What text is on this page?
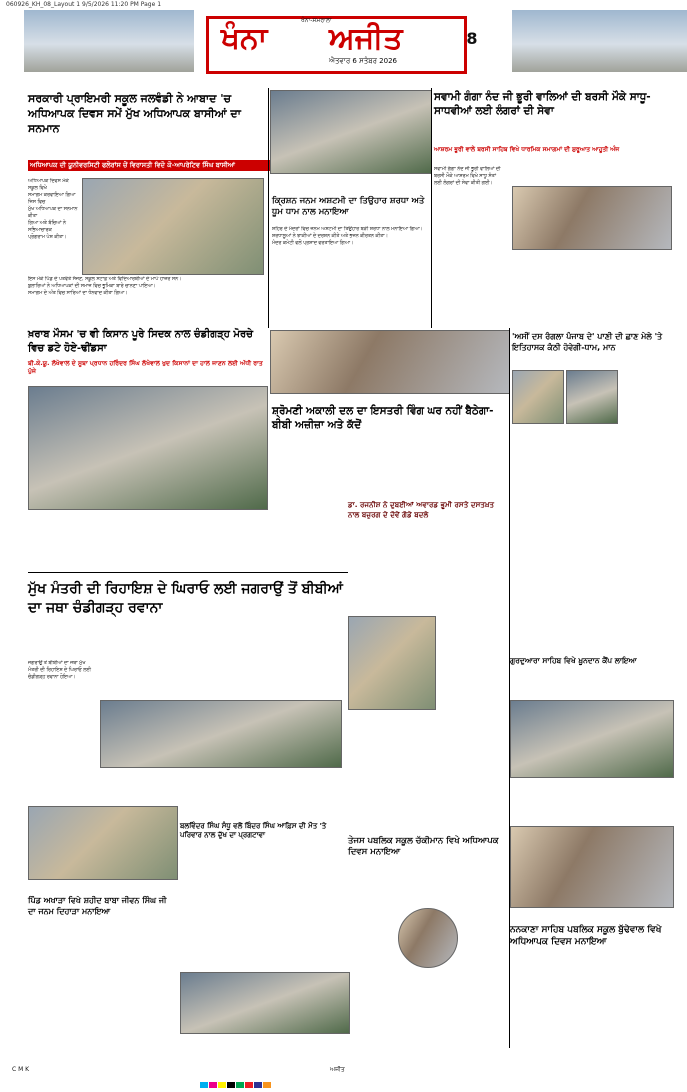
060926_KH_08_Layout 1 9/5/2026 11:20 PM Page 1
ਖੰਨਾ-ਸਮਰਾਲਾ
ਖੰਨਾ ਅਜੀਤ
ਐਤਵਾਰ 6 ਸਤੰਬਰ 2026
8
ਸਰਕਾਰੀ ਪ੍ਰਾਇਮਰੀ ਸਕੂਲ ਜਲਵੰਡੀ ਨੇ ਆਬਾਦ 'ਚ ਅਧਿਆਪਕ ਦਿਵਸ ਸਮੇਂ ਮੁੱਖ ਅਧਿਆਪਕ ਬਾਸੀਆਂ ਦਾ ਸਨਮਾਨ
ਅਧਿਆਪਕ ਦੀ ਯੂਨੀਵਰਸਿਟੀ ਫਲੋਰਾਂਸ ਚੋਂ ਵਿਰਾਸਤੀ ਵਿਦੋ ਕੋ-ਆਪਰੇਟਿਵ ਸਿੰਘ ਬਾਸੀਆਂ
ਅਧਿਆਪਕ ਦਿਵਸ ਮੌਕੇ ਸਕੂਲ ਵਿਖੇ
ਸਮਾਗਮ ਕਰਵਾਇਆ ਗਿਆ ਜਿਸ ਵਿਚ
ਮੁੱਖ ਅਧਿਆਪਕ ਦਾ ਸਨਮਾਨ ਕੀਤਾ
ਗਿਆ ਅਤੇ ਬੱਚਿਆਂ ਨੇ ਸਭਿਆਚਾਰਕ
ਪ੍ਰੋਗਰਾਮ ਪੇਸ਼ ਕੀਤਾ।
ਇਸ ਮੌਕੇ ਪਿੰਡ ਦੇ ਪਤਵੰਤੇ ਸੱਜਣ, ਸਕੂਲ ਸਟਾਫ਼ ਅਤੇ ਵਿਦਿਆਰਥੀਆਂ ਦੇ ਮਾਪੇ ਹਾਜ਼ਰ ਸਨ।
ਬੁਲਾਰਿਆਂ ਨੇ ਅਧਿਆਪਕਾਂ ਦੀ ਸਮਾਜ ਵਿਚ ਭੂਮਿਕਾ ਬਾਰੇ ਚਾਨਣਾ ਪਾਇਆ।
ਸਮਾਗਮ ਦੇ ਅੰਤ ਵਿਚ ਸਾਰਿਆਂ ਦਾ ਧੰਨਵਾਦ ਕੀਤਾ ਗਿਆ।
ਕ੍ਰਿਸ਼ਨ ਜਨਮ ਅਸ਼ਟਮੀ ਦਾ ਤਿਉਹਾਰ ਸ਼ਰਧਾ ਅਤੇ ਧੂਮ ਧਾਮ ਨਾਲ ਮਨਾਇਆ
ਸ਼ਹਿਰ ਦੇ ਮੰਦਰਾਂ ਵਿਚ ਜਨਮ ਅਸ਼ਟਮੀ ਦਾ ਤਿਉਹਾਰ ਬੜੀ ਸ਼ਰਧਾ ਨਾਲ ਮਨਾਇਆ ਗਿਆ।
ਸ਼ਰਧਾਲੂਆਂ ਨੇ ਝਾਕੀਆਂ ਦੇ ਦਰਸ਼ਨ ਕੀਤੇ ਅਤੇ ਭਜਨ ਕੀਰਤਨ ਕੀਤਾ।
ਮੰਦਰ ਕਮੇਟੀ ਵਲੋਂ ਪ੍ਰਸ਼ਾਦ ਵਰਤਾਇਆ ਗਿਆ।
ਸਵਾਮੀ ਗੰਗਾ ਨੰਦ ਜੀ ਭੂਰੀ ਵਾਲਿਆਂ ਦੀ ਬਰਸੀ ਮੌਕੇ ਸਾਧੂ-ਸਾਧਵੀਆਂ ਲਈ ਲੰਗਰਾਂ ਦੀ ਸੇਵਾ
ਆਸ਼ਰਮ ਭੂਰੀ ਵਾਲੇ ਬਰਸੀ ਸਾਹਿਬ ਵਿਖੇ ਧਾਰਮਿਕ ਸਮਾਗਮਾਂ ਦੀ ਸ਼ੁਰੂਆਤ ਆਹੂਤੀ ਅੰਜ
ਸਵਾਮੀ ਗੰਗਾ ਨੰਦ ਜੀ ਭੂਰੀ ਵਾਲਿਆਂ ਦੀ
ਬਰਸੀ ਮੌਕੇ ਆਸ਼ਰਮ ਵਿਖੇ ਸਾਧੂ ਸੰਤਾਂ
ਲਈ ਲੰਗਰਾਂ ਦੀ ਸੇਵਾ ਕੀਤੀ ਗਈ।
'ਅਸੀਂ ਦਸ ਰੰਗਲਾ ਪੰਜਾਬ ਦੇ' ਪਾਣੀ ਦੀ ਛਾਣ ਮੇਲੇ 'ਤੇ ਇਤਿਹਾਸਕ ਕੰਠੀ ਹੋਵੇਗੀ-ਧਾਮ, ਮਾਨ
ਖ਼ਰਾਬ ਮੌਸਮ 'ਚ ਵੀ ਕਿਸਾਨ ਪੂਰੇ ਸਿਦਕ ਨਾਲ ਚੰਡੀਗੜ੍ਹ ਮੋਰਚੇ ਵਿਚ ਡਟੇ ਹੋਏ-ਢੀਂਡਸਾ
ਬੀ.ਕੇ.ਯੂ. ਲੱਖੋਵਾਲ ਦੇ ਸੂਬਾ ਪ੍ਰਧਾਨ ਹਰਿੰਦਰ ਸਿੰਘ ਲੱਖੋਵਾਲ ਖੁਦ ਕਿਸਾਨਾਂ ਦਾ ਹਾਲ ਜਾਣਨ ਲਈ ਅੱਧੀ ਰਾਤ ਪੁੱਜੇ
ਸ਼੍ਰੋਮਣੀ ਅਕਾਲੀ ਦਲ ਦਾ ਇਸਤਰੀ ਵਿੰਗ ਘਰ ਨਹੀਂ ਬੈਠੇਗਾ-ਬੀਬੀ ਅਜ਼ੀਜ਼ਾ ਅਤੇ ਕੱਦੋਂ
ਡਾ. ਰਜਨੀਸ਼ ਨੇ ਦੁਬਈਆਂ ਅਵਾਰਡ ਭੂਮੀ ਰਸਤੇ ਦਸਤਖ਼ਤ ਨਾਲ ਬਜ਼ੁਰਗ ਦੇ ਦੋਵੇਂ ਗੋਡੇ ਬਦਲੇ
ਮੁੱਖ ਮੰਤਰੀ ਦੀ ਰਿਹਾਇਸ਼ ਦੇ ਘਿਰਾਓ ਲਈ ਜਗਰਾਉਂ ਤੋਂ ਬੀਬੀਆਂ ਦਾ ਜਥਾ ਚੰਡੀਗੜ੍ਹ ਰਵਾਨਾ
ਜਗਰਾਉਂ ਤੋਂ ਬੀਬੀਆਂ ਦਾ ਜਥਾ ਮੁੱਖ
ਮੰਤਰੀ ਦੀ ਰਿਹਾਇਸ਼ ਦੇ ਘਿਰਾਓ ਲਈ
ਚੰਡੀਗੜ੍ਹ ਰਵਾਨਾ ਹੋਇਆ।
ਤੇਜਸ ਪਬਲਿਕ ਸਕੂਲ ਚੱਕੀਮਾਨ ਵਿਖੇ ਅਧਿਆਪਕ ਦਿਵਸ ਮਨਾਇਆ
ਬਲਵਿੰਦਰ ਸਿੰਘ ਸੰਧੂ ਵਲੋਂ ਬਿੰਦਰ ਸਿੰਘ ਆਫ਼ਿਸ ਦੀ ਮੌਤ 'ਤੇ ਪਰਿਵਾਰ ਨਾਲ ਦੁੱਖ ਦਾ ਪ੍ਰਗਟਾਵਾ
ਪਿੰਡ ਅਖਾੜਾ ਵਿਖੇ ਸ਼ਹੀਦ ਬਾਬਾ ਜੀਵਨ ਸਿੰਘ ਜੀ ਦਾ ਜਨਮ ਦਿਹਾੜਾ ਮਨਾਇਆ
ਨਨਕਾਣਾ ਸਾਹਿਬ ਪਬਲਿਕ ਸਕੂਲ ਬੁੱਢੇਵਾਲ ਵਿਖੇ ਅਧਿਆਪਕ ਦਿਵਸ ਮਨਾਇਆ
ਗੁਰਦੁਆਰਾ ਸਾਹਿਬ ਵਿਖੇ ਖ਼ੂਨਦਾਨ ਕੈਂਪ ਲਾਇਆ
C M K	ਅਜੀਤ
